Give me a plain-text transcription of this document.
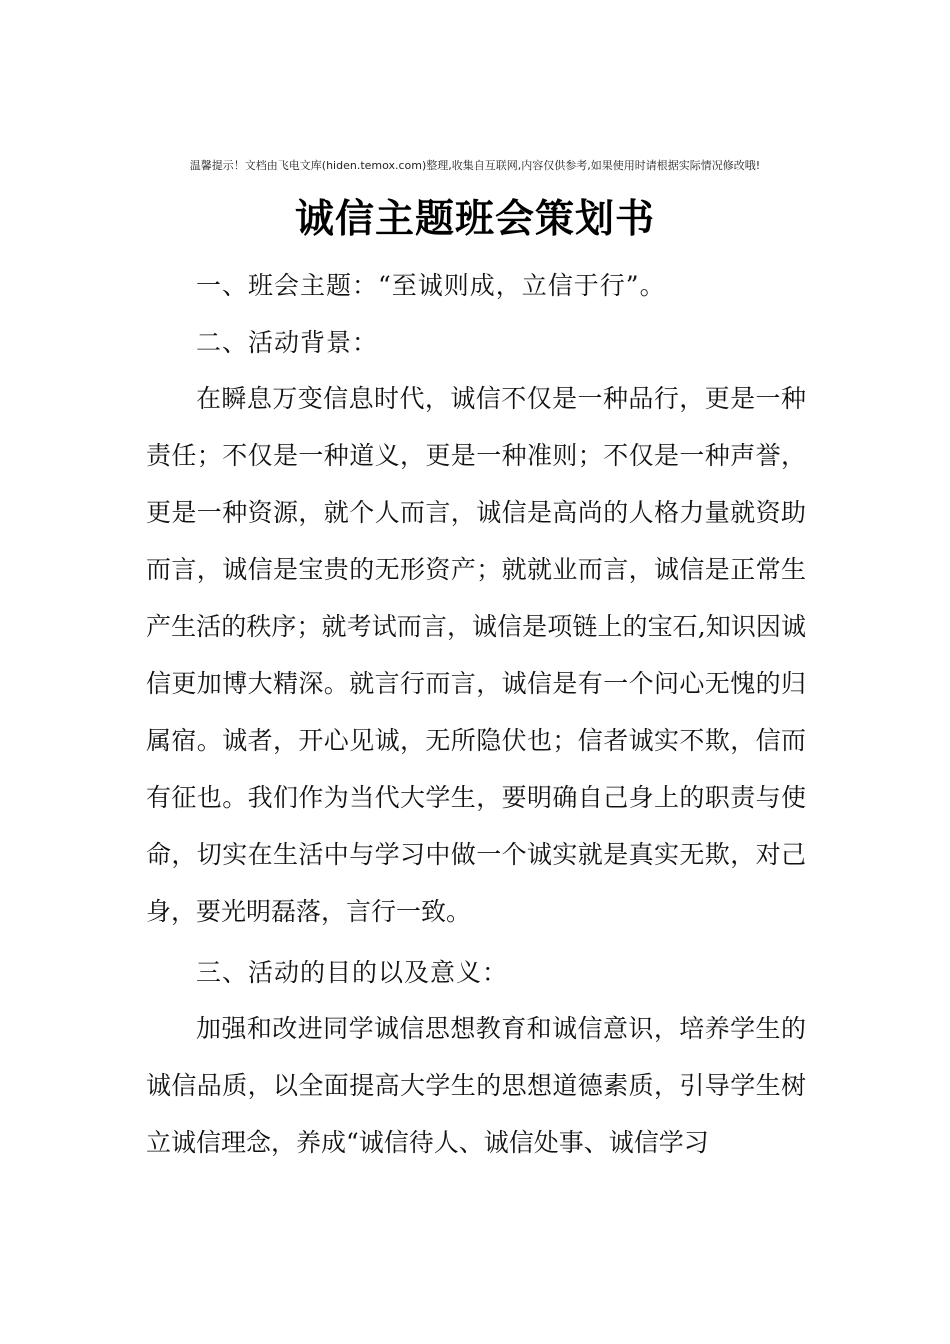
温馨提示！文档由飞电文库(hiden.temox.com)整理,收集自互联网,内容仅供参考,如果使用时请根据实际情况修改哦!
诚信主题班会策划书
一、班会主题：“至诚则成，立信于行”。
二、活动背景：
在瞬息万变信息时代，诚信不仅是一种品行，更是一种责任；不仅是一种道义，更是一种准则；不仅是一种声誉，更是一种资源，就个人而言，诚信是高尚的人格力量就资助而言，诚信是宝贵的无形资产；就就业而言，诚信是正常生产生活的秩序；就考试而言，诚信是项链上的宝石,知识因诚信更加博大精深。就言行而言，诚信是有一个问心无愧的归属宿。诚者，开心见诚，无所隐伏也；信者诚实不欺，信而有征也。我们作为当代大学生，要明确自己身上的职责与使命，切实在生活中与学习中做一个诚实就是真实无欺，对己身，要光明磊落，言行一致。
三、活动的目的以及意义：
加强和改进同学诚信思想教育和诚信意识，培养学生的诚信品质，以全面提高大学生的思想道德素质，引导学生树立诚信理念，养成“诚信待人、诚信处事、诚信学习
